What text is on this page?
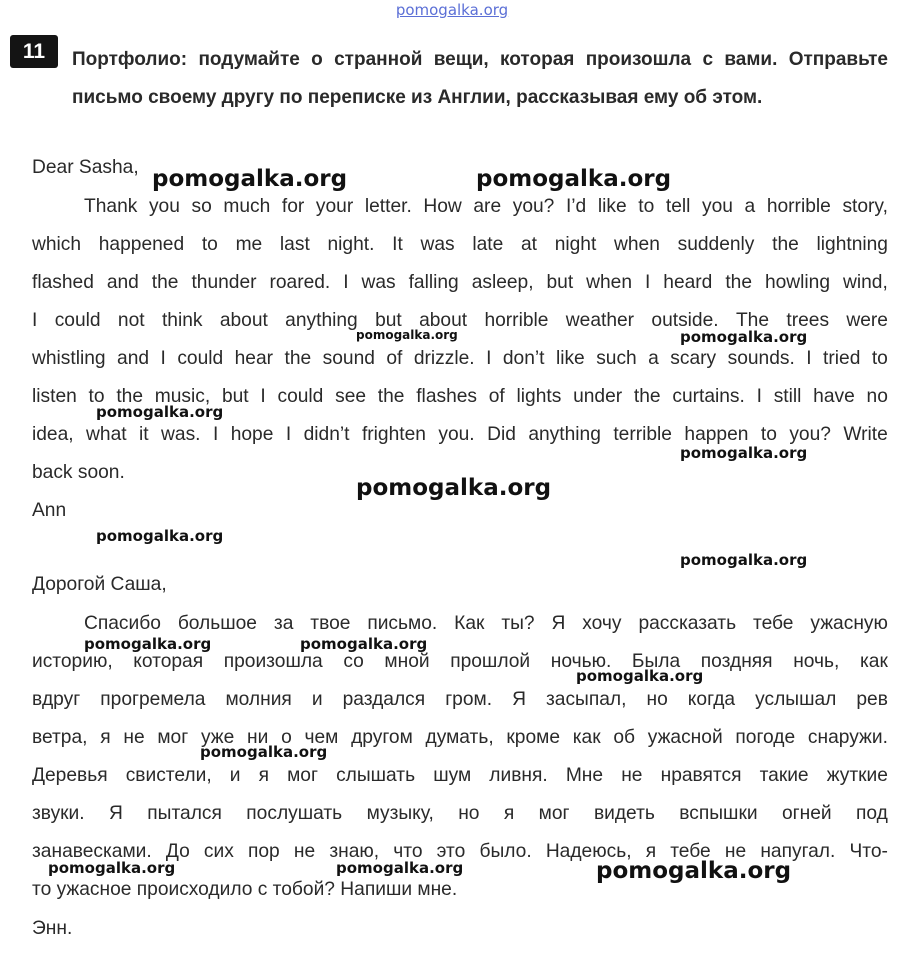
pomogalka.org
11	Портфолио: подумайте о странной вещи, которая произошла с вами. Отправьте письмо своему другу по переписке из Англии, рассказывая ему об этом.
Dear Sasha,
Thank you so much for your letter. How are you? I’d like to tell you a horrible story,
which happened to me last night. It was late at night when suddenly the lightning
flashed and the thunder roared. I was falling asleep, but when I heard the howling wind,
I could not think about anything but about horrible weather outside. The trees were
whistling and I could hear the sound of drizzle. I don’t like such a scary sounds. I tried to
listen to the music, but I could see the flashes of lights under the curtains. I still have no
idea, what it was. I hope I didn’t frighten you. Did anything terrible happen to you? Write
back soon.
Ann
Дорогой Саша,
Спасибо большое за твое письмо. Как ты? Я хочу рассказать тебе ужасную
историю, которая произошла со мной прошлой ночью. Была поздняя ночь, как
вдруг прогремела молния и раздался гром. Я засыпал, но когда услышал рев
ветра, я не мог уже ни о чем другом думать, кроме как об ужасной погоде снаружи.
Деревья свистели, и я мог слышать шум ливня. Мне не нравятся такие жуткие
звуки. Я пытался послушать музыку, но я мог видеть вспышки огней под
занавесками. До сих пор не знаю, что это было. Надеюсь, я тебе не напугал. Что-
то ужасное происходило с тобой? Напиши мне.
Энн.
pomogalka.org	pomogalka.org
pomogalka.org	pomogalka.org
pomogalka.org
pomogalka.org
pomogalka.org
pomogalka.org
pomogalka.org
pomogalka.org	pomogalka.org
pomogalka.org
pomogalka.org
pomogalka.org	pomogalka.org	pomogalka.org
